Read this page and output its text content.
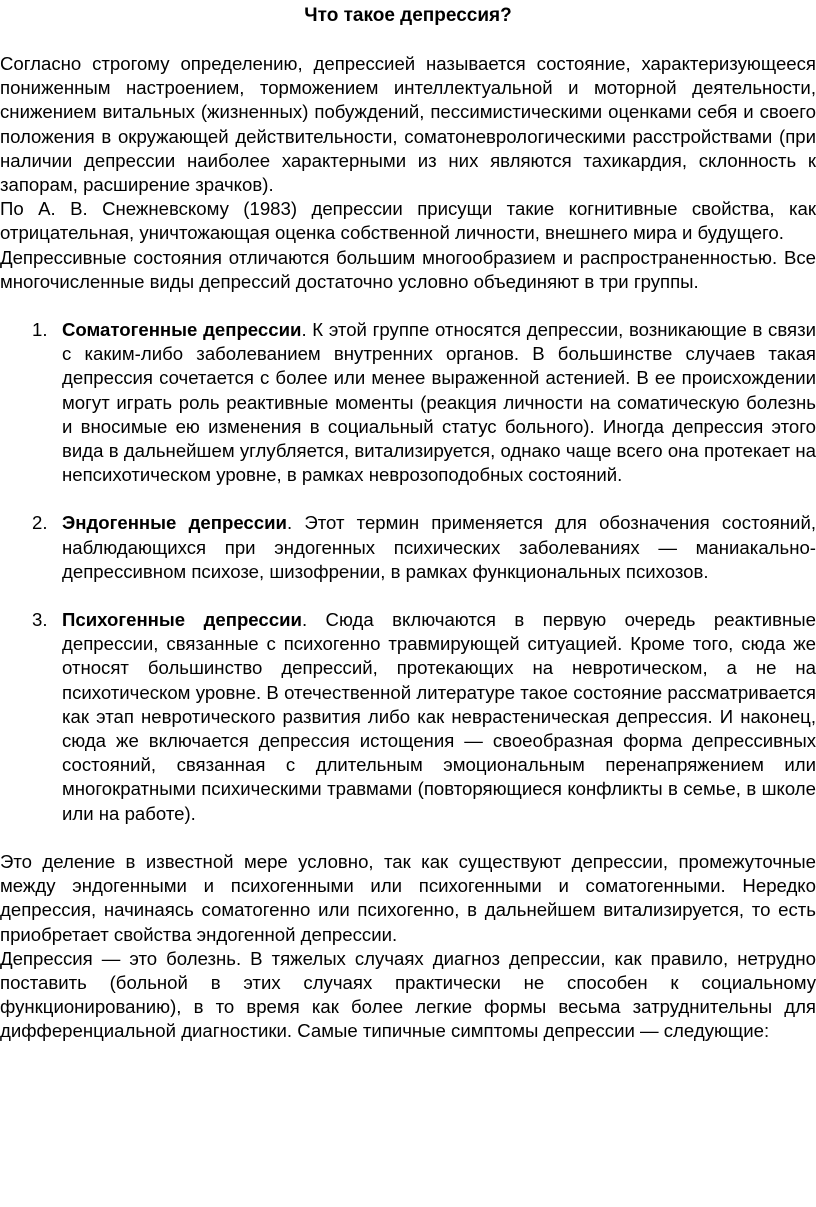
Что такое депрессия?

Согласно строгому определению, депрессией называется состояние, характеризующееся пониженным настроением, торможением интеллектуальной и моторной деятельности, снижением витальных (жизненных) побуждений, пессимистическими оценками себя и своего положения в окружающей действительности, соматоневрологическими расстройствами (при наличии депрессии наиболее характерными из них являются тахикардия, склонность к запорам, расширение зрачков).

По А. В. Снежневскому (1983) депрессии присущи такие когнитивные свойства, как отрицательная, уничтожающая оценка собственной личности, внешнего мира и будущего.

Депрессивные состояния отличаются большим многообразием и распространенностью. Все многочисленные виды депрессий достаточно условно объединяют в три группы.

1. Соматогенные депрессии. К этой группе относятся депрессии, возникающие в связи с каким-либо заболеванием внутренних органов. В большинстве случаев такая депрессия сочетается с более или менее выраженной астенией. В ее происхождении могут играть роль реактивные моменты (реакция личности на соматическую болезнь и вносимые ею изменения в социальный статус больного). Иногда депрессия этого вида в дальнейшем углубляется, витализируется, однако чаще всего она протекает на непсихотическом уровне, в рамках неврозоподобных состояний.

2. Эндогенные депрессии. Этот термин применяется для обозначения состояний, наблюдающихся при эндогенных психических заболеваниях — маниакально-депрессивном психозе, шизофрении, в рамках функциональных психозов.

3. Психогенные депрессии. Сюда включаются в первую очередь реактивные депрессии, связанные с психогенно травмирующей ситуацией. Кроме того, сюда же относят большинство депрессий, протекающих на невротическом, а не на психотическом уровне. В отечественной литературе такое состояние рассматривается как этап невротического развития либо как неврастеническая депрессия. И наконец, сюда же включается депрессия истощения — своеобразная форма депрессивных состояний, связанная с длительным эмоциональным перенапряжением или многократными психическими травмами (повторяющиеся конфликты в семье, в школе или на работе).

Это деление в известной мере условно, так как существуют депрессии, промежуточные между эндогенными и психогенными или психогенными и соматогенными. Нередко депрессия, начинаясь соматогенно или психогенно, в дальнейшем витализируется, то есть приобретает свойства эндогенной депрессии.

Депрессия — это болезнь. В тяжелых случаях диагноз депрессии, как правило, нетрудно поставить (больной в этих случаях практически не способен к социальному функционированию), в то время как более легкие формы весьма затруднительны для дифференциальной диагностики. Самые типичные симптомы депрессии — следующие:
